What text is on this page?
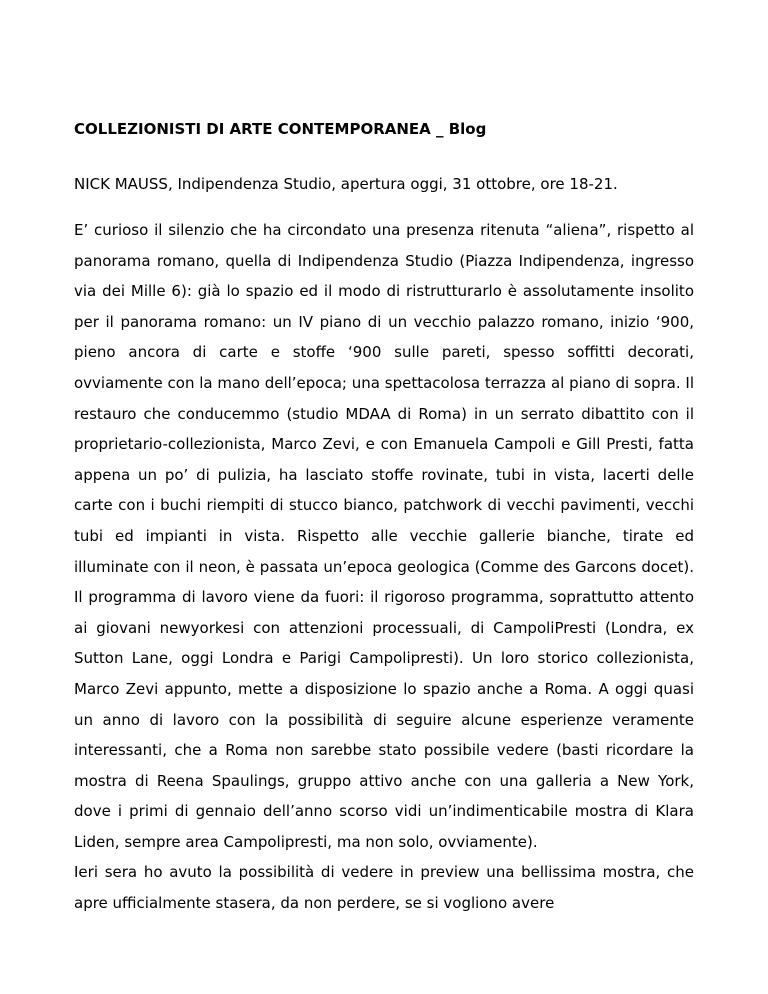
COLLEZIONISTI DI ARTE CONTEMPORANEA _ Blog

NICK MAUSS, Indipendenza Studio, apertura oggi, 31 ottobre, ore 18-21.

E’ curioso il silenzio che ha circondato una presenza ritenuta “aliena”, rispetto al panorama romano, quella di Indipendenza Studio (Piazza Indipendenza, ingresso via dei Mille 6): già lo spazio ed il modo di ristrutturarlo è assolutamente insolito per il panorama romano: un IV piano di un vecchio palazzo romano, inizio ‘900, pieno ancora di carte e stoffe ‘900 sulle pareti, spesso soffitti decorati, ovviamente con la mano dell’epoca; una spettacolosa terrazza al piano di sopra. Il restauro che conducemmo (studio MDAA di Roma) in un serrato dibattito con il proprietario-collezionista, Marco Zevi, e con Emanuela Campoli e Gill Presti, fatta appena un po’ di pulizia, ha lasciato stoffe rovinate, tubi in vista, lacerti delle carte con i buchi riempiti di stucco bianco, patchwork di vecchi pavimenti, vecchi tubi ed impianti in vista. Rispetto alle vecchie gallerie bianche, tirate ed illuminate con il neon, è passata un’epoca geologica (Comme des Garcons docet). Il programma di lavoro viene da fuori: il rigoroso programma, soprattutto attento ai giovani newyorkesi con attenzioni processuali, di CampoliPresti (Londra, ex Sutton Lane, oggi Londra e Parigi Campolipresti). Un loro storico collezionista, Marco Zevi appunto, mette a disposizione lo spazio anche a Roma. A oggi quasi un anno di lavoro con la possibilità di seguire alcune esperienze veramente interessanti, che a Roma non sarebbe stato possibile vedere (basti ricordare la mostra di Reena Spaulings, gruppo attivo anche con una galleria a New York, dove i primi di gennaio dell’anno scorso vidi un’indimenticabile mostra di Klara Liden, sempre area Campolipresti, ma non solo, ovviamente).

Ieri sera ho avuto la possibilità di vedere in preview una bellissima mostra, che apre ufficialmente stasera, da non perdere, se si vogliono avere
